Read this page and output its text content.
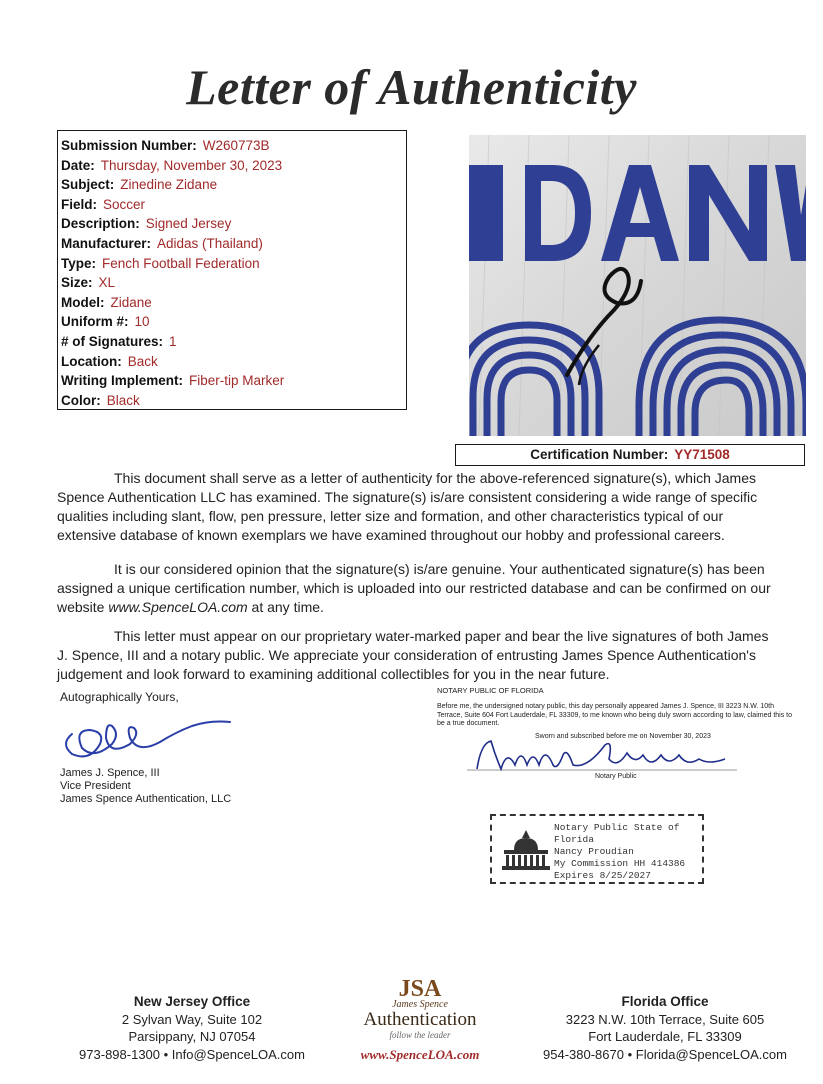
Letter of Authenticity
Submission Number: W260773B
Date: Thursday, November 30, 2023
Subject: Zinedine Zidane
Field: Soccer
Description: Signed Jersey
Manufacturer: Adidas (Thailand)
Type: Fench Football Federation
Size: XL
Model: Zidane
Uniform #: 10
# of Signatures: 1
Location: Back
Writing Implement: Fiber-tip Marker
Color: Black
Certification Number: YY71508
This document shall serve as a letter of authenticity for the above-referenced signature(s), which James Spence Authentication LLC has examined. The signature(s) is/are consistent considering a wide range of specific qualities including slant, flow, pen pressure, letter size and formation, and other characteristics typical of our extensive database of known exemplars we have examined throughout our hobby and professional careers.
It is our considered opinion that the signature(s) is/are genuine. Your authenticated signature(s) has been assigned a unique certification number, which is uploaded into our restricted database and can be confirmed on our website www.SpenceLOA.com at any time.
This letter must appear on our proprietary water-marked paper and bear the live signatures of both James J. Spence, III and a notary public. We appreciate your consideration of entrusting James Spence Authentication's judgement and look forward to examining additional collectibles for you in the near future.
Autographically Yours,
James J. Spence, III
Vice President
James Spence Authentication, LLC
NOTARY PUBLIC OF FLORIDA
Before me, the undersigned notary public, this day personally appeared James J. Spence, III 3223 N.W. 10th Terrace, Suite 604 Fort Lauderdale, FL 33309, to me known who being duly sworn according to law, claimed this to be a true document.
Sworn and subscribed before me on November 30, 2023
Notary Public
Notary Public State of Florida
Nancy Proudian
My Commission HH 414386
Expires 8/25/2027
New Jersey Office
2 Sylvan Way, Suite 102
Parsippany, NJ 07054
973-898-1300 • Info@SpenceLOA.com
JSA
James Spence
Authentication
follow the leader
www.SpenceLOA.com
Florida Office
3223 N.W. 10th Terrace, Suite 605
Fort Lauderdale, FL 33309
954-380-8670 • Florida@SpenceLOA.com
